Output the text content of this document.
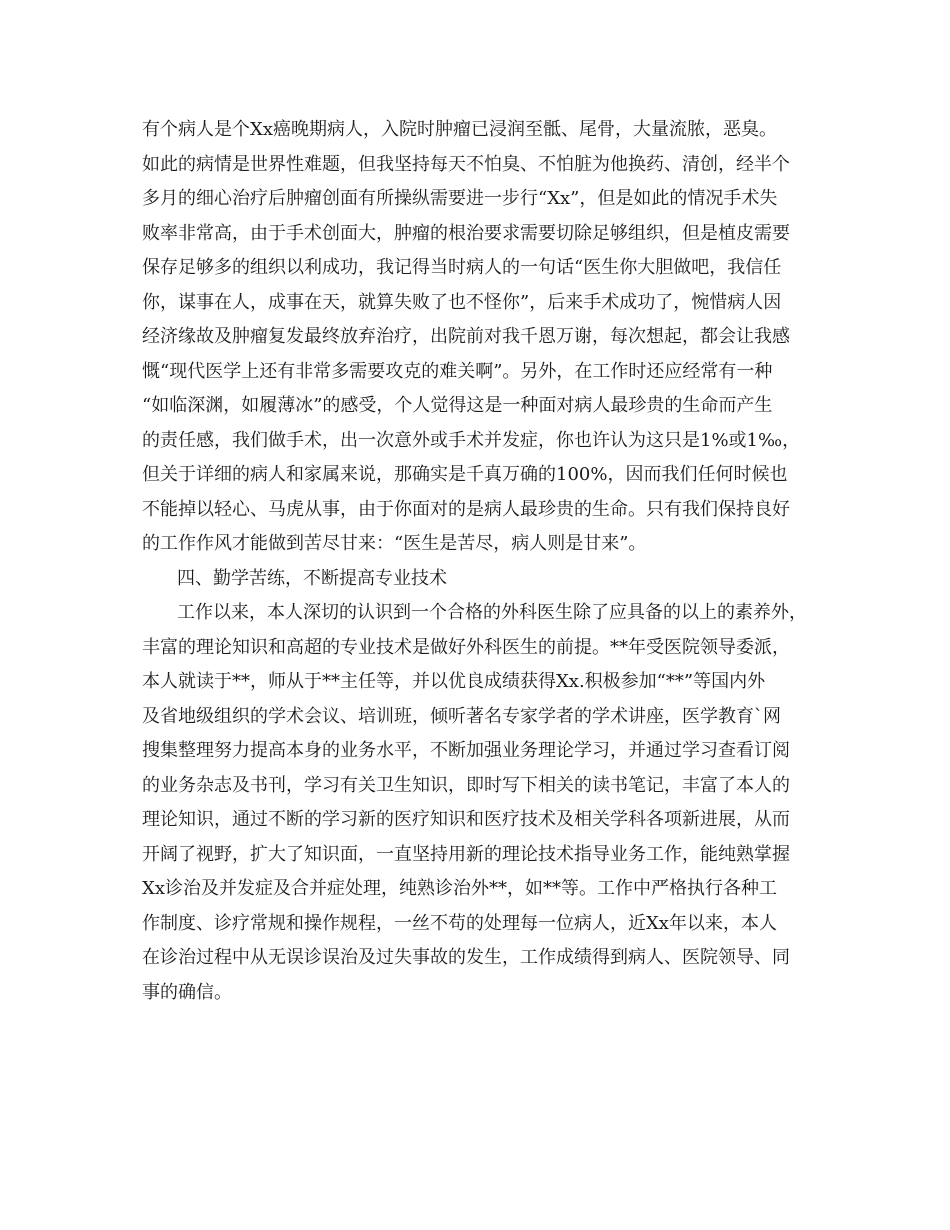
有个病人是个Xx癌晚期病人，入院时肿瘤已浸润至骶、尾骨，大量流脓，恶臭。
如此的病情是世界性难题，但我坚持每天不怕臭、不怕脏为他换药、清创，经半个
多月的细心治疗后肿瘤创面有所操纵需要进一步行“Xx”，但是如此的情况手术失
败率非常高，由于手术创面大，肿瘤的根治要求需要切除足够组织，但是植皮需要
保存足够多的组织以利成功，我记得当时病人的一句话“医生你大胆做吧，我信任
你，谋事在人，成事在天，就算失败了也不怪你”，后来手术成功了，惋惜病人因
经济缘故及肿瘤复发最终放弃治疗，出院前对我千恩万谢，每次想起，都会让我感
慨“现代医学上还有非常多需要攻克的难关啊”。另外，在工作时还应经常有一种
“如临深渊，如履薄冰”的感受，个人觉得这是一种面对病人最珍贵的生命而产生
的责任感，我们做手术，出一次意外或手术并发症，你也许认为这只是1%或1‰，
但关于详细的病人和家属来说，那确实是千真万确的100%，因而我们任何时候也
不能掉以轻心、马虎从事，由于你面对的是病人最珍贵的生命。只有我们保持良好
的工作作风才能做到苦尽甘来：“医生是苦尽，病人则是甘来”。
四、勤学苦练，不断提高专业技术
工作以来，本人深切的认识到一个合格的外科医生除了应具备的以上的素养外，
丰富的理论知识和高超的专业技术是做好外科医生的前提。**年受医院领导委派，
本人就读于**，师从于**主任等，并以优良成绩获得Xx.积极参加“**”等国内外
及省地级组织的学术会议、培训班，倾听著名专家学者的学术讲座，医学教育`网
搜集整理努力提高本身的业务水平，不断加强业务理论学习，并通过学习查看订阅
的业务杂志及书刊，学习有关卫生知识，即时写下相关的读书笔记，丰富了本人的
理论知识，通过不断的学习新的医疗知识和医疗技术及相关学科各项新进展，从而
开阔了视野，扩大了知识面，一直坚持用新的理论技术指导业务工作，能纯熟掌握
Xx诊治及并发症及合并症处理，纯熟诊治外**，如**等。工作中严格执行各种工
作制度、诊疗常规和操作规程，一丝不苟的处理每一位病人，近Xx年以来，本人
在诊治过程中从无误诊误治及过失事故的发生，工作成绩得到病人、医院领导、同
事的确信。
